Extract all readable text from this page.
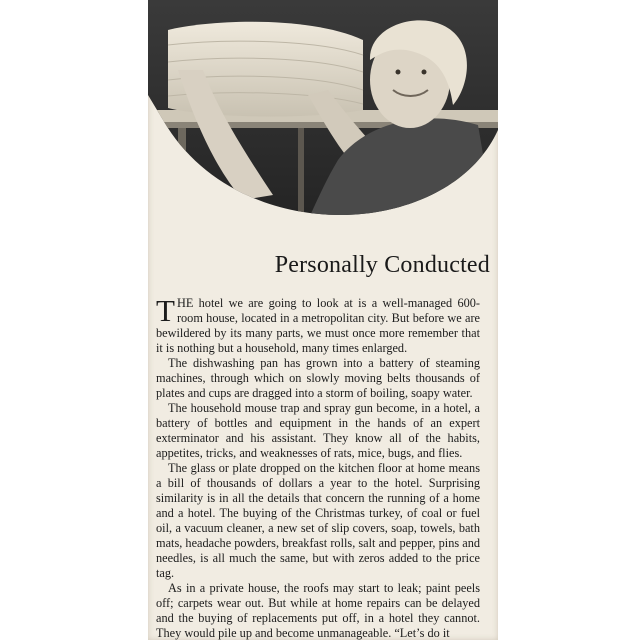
Personally Conducted

THE hotel we are going to look at is a well-managed 600-room house, located in a metropolitan city. But before we are bewildered by its many parts, we must once more remember that it is nothing but a household, many times enlarged.

The dishwashing pan has grown into a battery of steaming machines, through which on slowly moving belts thousands of plates and cups are dragged into a storm of boiling, soapy water.

The household mouse trap and spray gun become, in a hotel, a battery of bottles and equipment in the hands of an expert exterminator and his assistant. They know all of the habits, appetites, tricks, and weaknesses of rats, mice, bugs, and flies.

The glass or plate dropped on the kitchen floor at home means a bill of thousands of dollars a year to the hotel. Surprising similarity is in all the details that concern the running of a home and a hotel. The buying of the Christmas turkey, of coal or fuel oil, a vacuum cleaner, a new set of slip covers, soap, towels, bath mats, headache powders, breakfast rolls, salt and pepper, pins and needles, is all much the same, but with zeros added to the price tag.

As in a private house, the roofs may start to leak; paint peels off; carpets wear out. But while at home repairs can be delayed and the buying of replacements put off, in a hotel they cannot. They would pile up and become unmanageable. “Let’s do it
